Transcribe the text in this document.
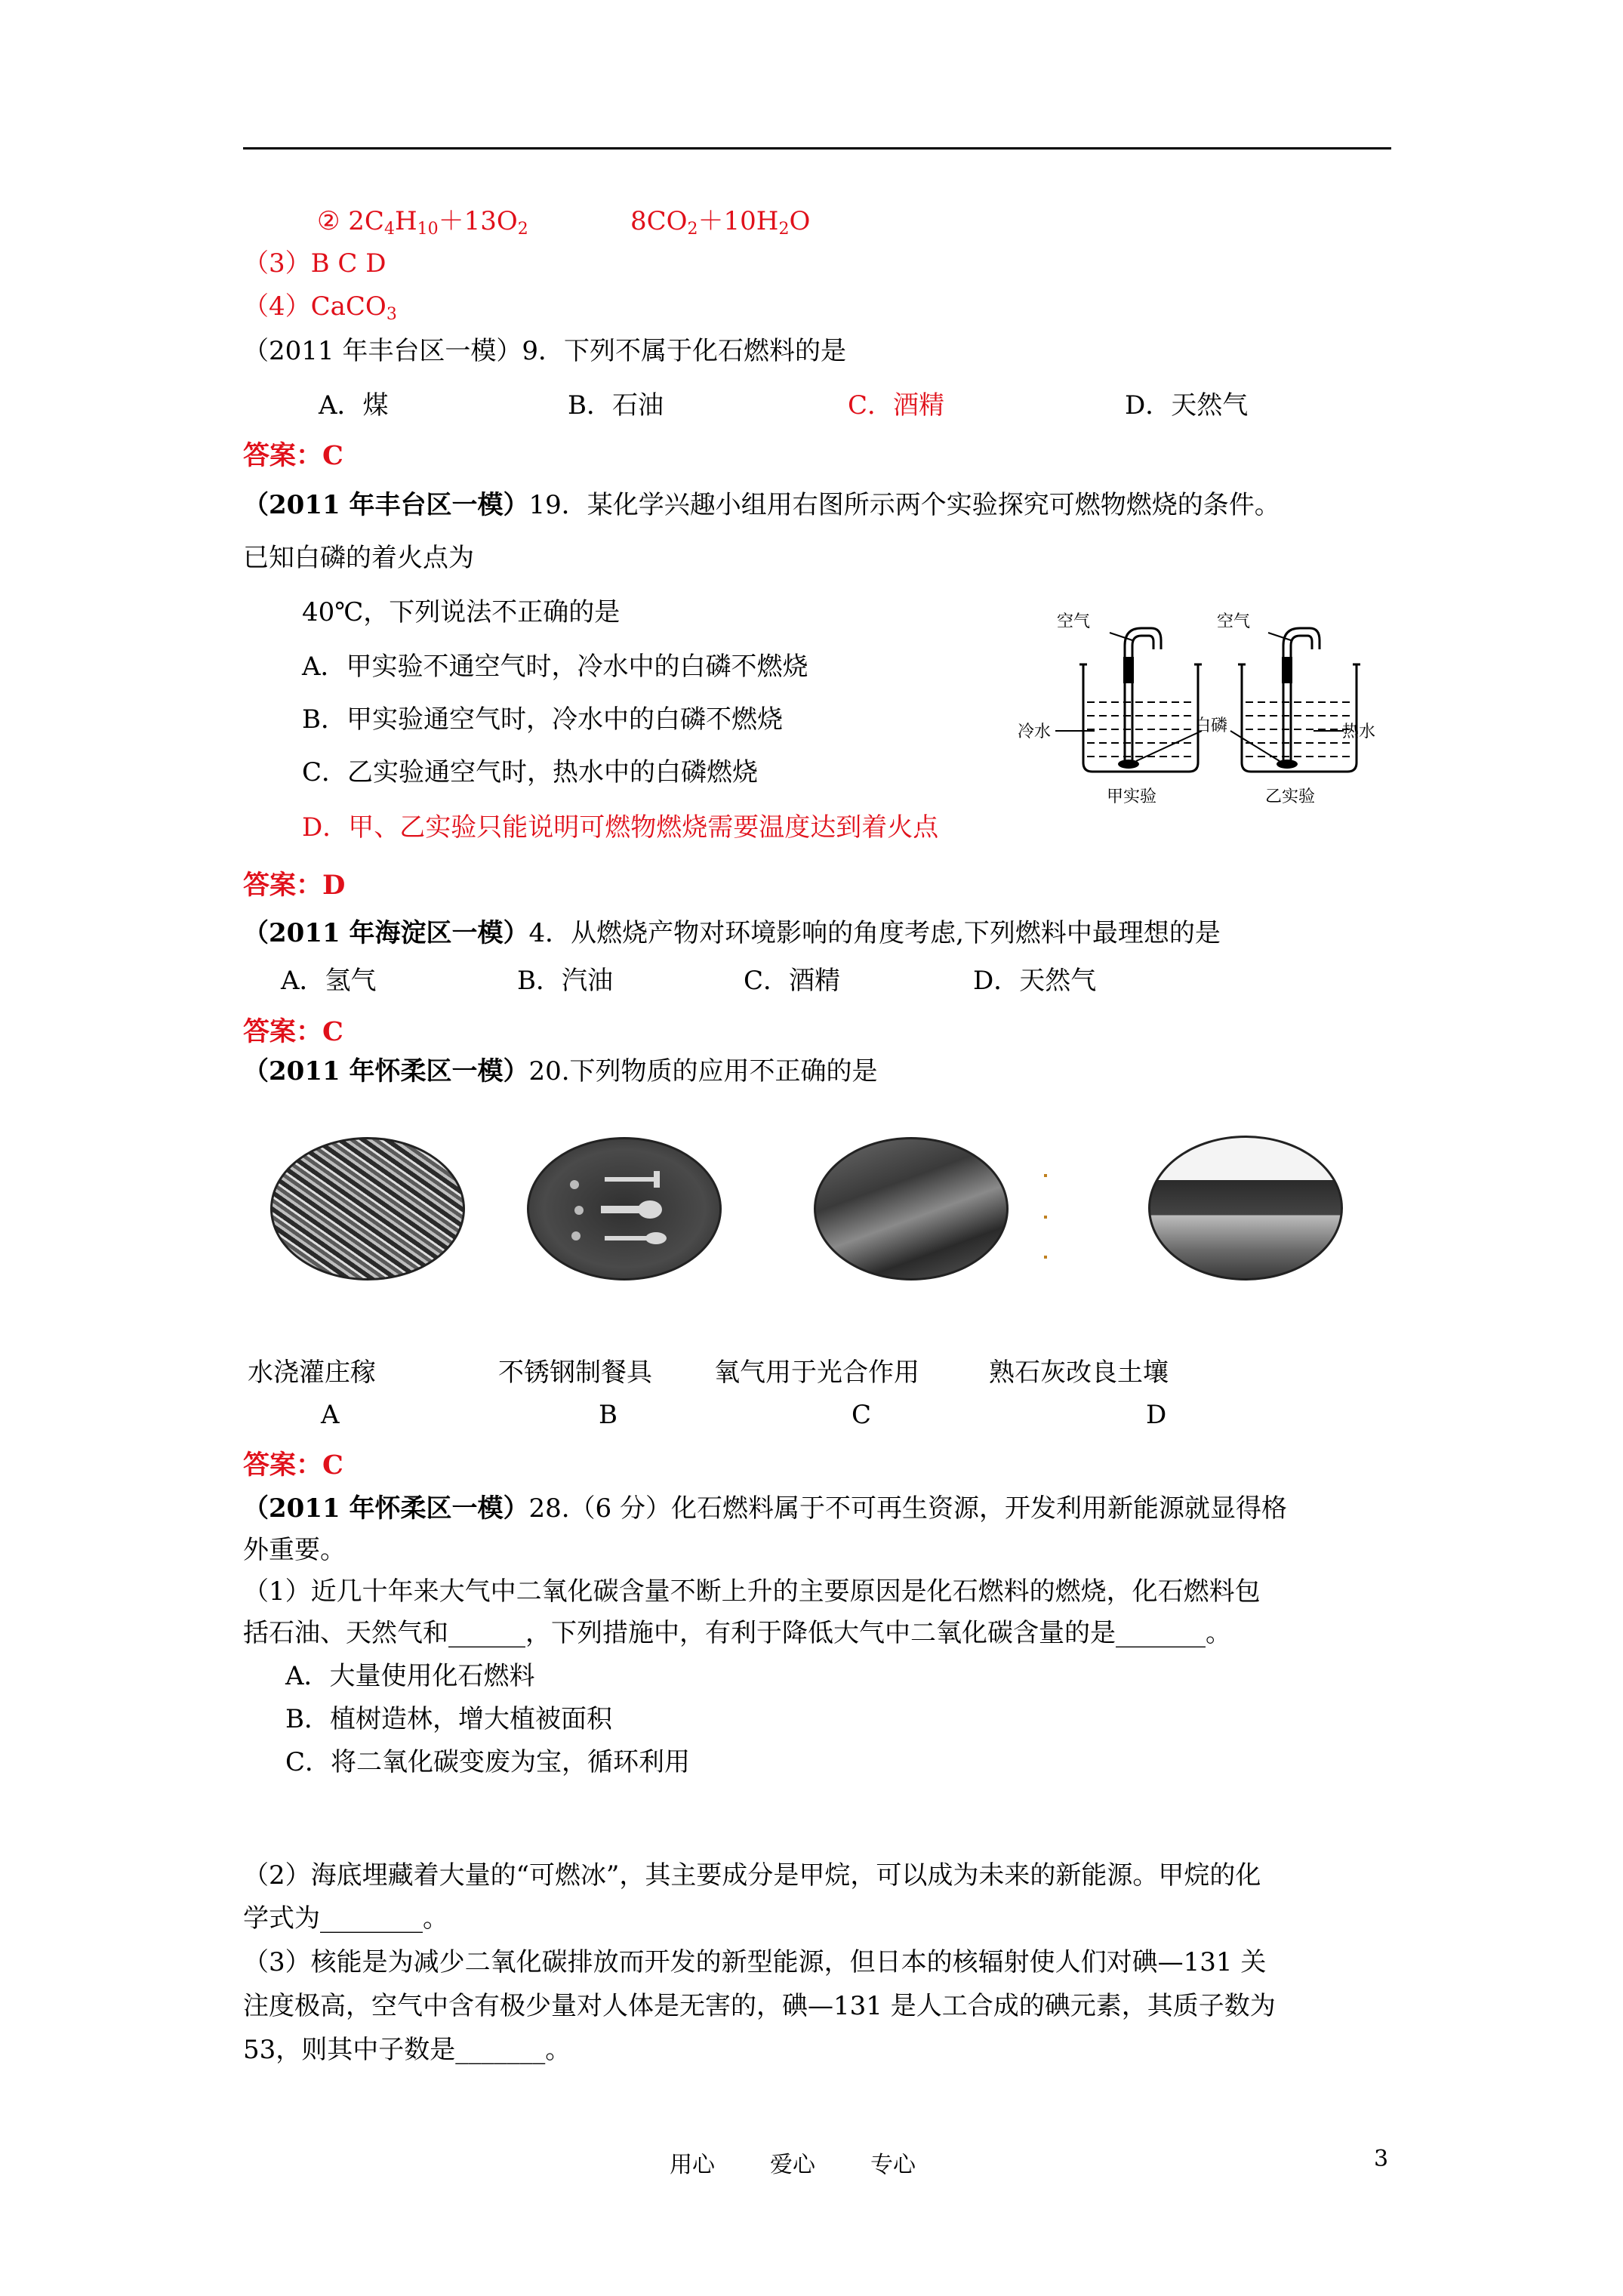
② $2C_4H_{10}+13O_2$	$8CO_2+10H_2O$
（3）B C D
（4）CaCO$_3$
（2011 年丰台区一模）9．下列不属于化石燃料的是
A．煤	B．石油	C．酒精	D．天然气
答案：C
（2011 年丰台区一模）19．某化学兴趣小组用右图所示两个实验探究可燃物燃烧的条件。
已知白磷的着火点为
40℃，下列说法不正确的是
A．甲实验不通空气时，冷水中的白磷不燃烧
B．甲实验通空气时，冷水中的白磷不燃烧
C．乙实验通空气时，热水中的白磷燃烧
D．甲、乙实验只能说明可燃物燃烧需要温度达到着火点
答案：D
空气	空气
冷水	白磷	热水
甲实验	乙实验
（2011 年海淀区一模）4．从燃烧产物对环境影响的角度考虑,下列燃料中最理想的是
A．氢气	B．汽油	C．酒精	D．天然气
答案：C
（2011 年怀柔区一模）20.下列物质的应用不正确的是
水浇灌庄稼	不锈钢制餐具 氧气用于光合作用	熟石灰改良土壤
A	B	C	D
答案：C
（2011 年怀柔区一模）28.（6 分）化石燃料属于不可再生资源，开发利用新能源就显得格
外重要。
（1）近几十年来大气中二氧化碳含量不断上升的主要原因是化石燃料的燃烧，化石燃料包
括石油、天然气和______，下列措施中，有利于降低大气中二氧化碳含量的是_______。
A．大量使用化石燃料
B．植树造林，增大植被面积
C．将二氧化碳变废为宝，循环利用
（2）海底埋藏着大量的“可燃冰”，其主要成分是甲烷，可以成为未来的新能源。甲烷的化
学式为________。
（3）核能是为减少二氧化碳排放而开发的新型能源，但日本的核辐射使人们对碘—131 关
注度极高，空气中含有极少量对人体是无害的，碘—131 是人工合成的碘元素，其质子数为
53，则其中子数是_______。
用心 爱心 专心	3
